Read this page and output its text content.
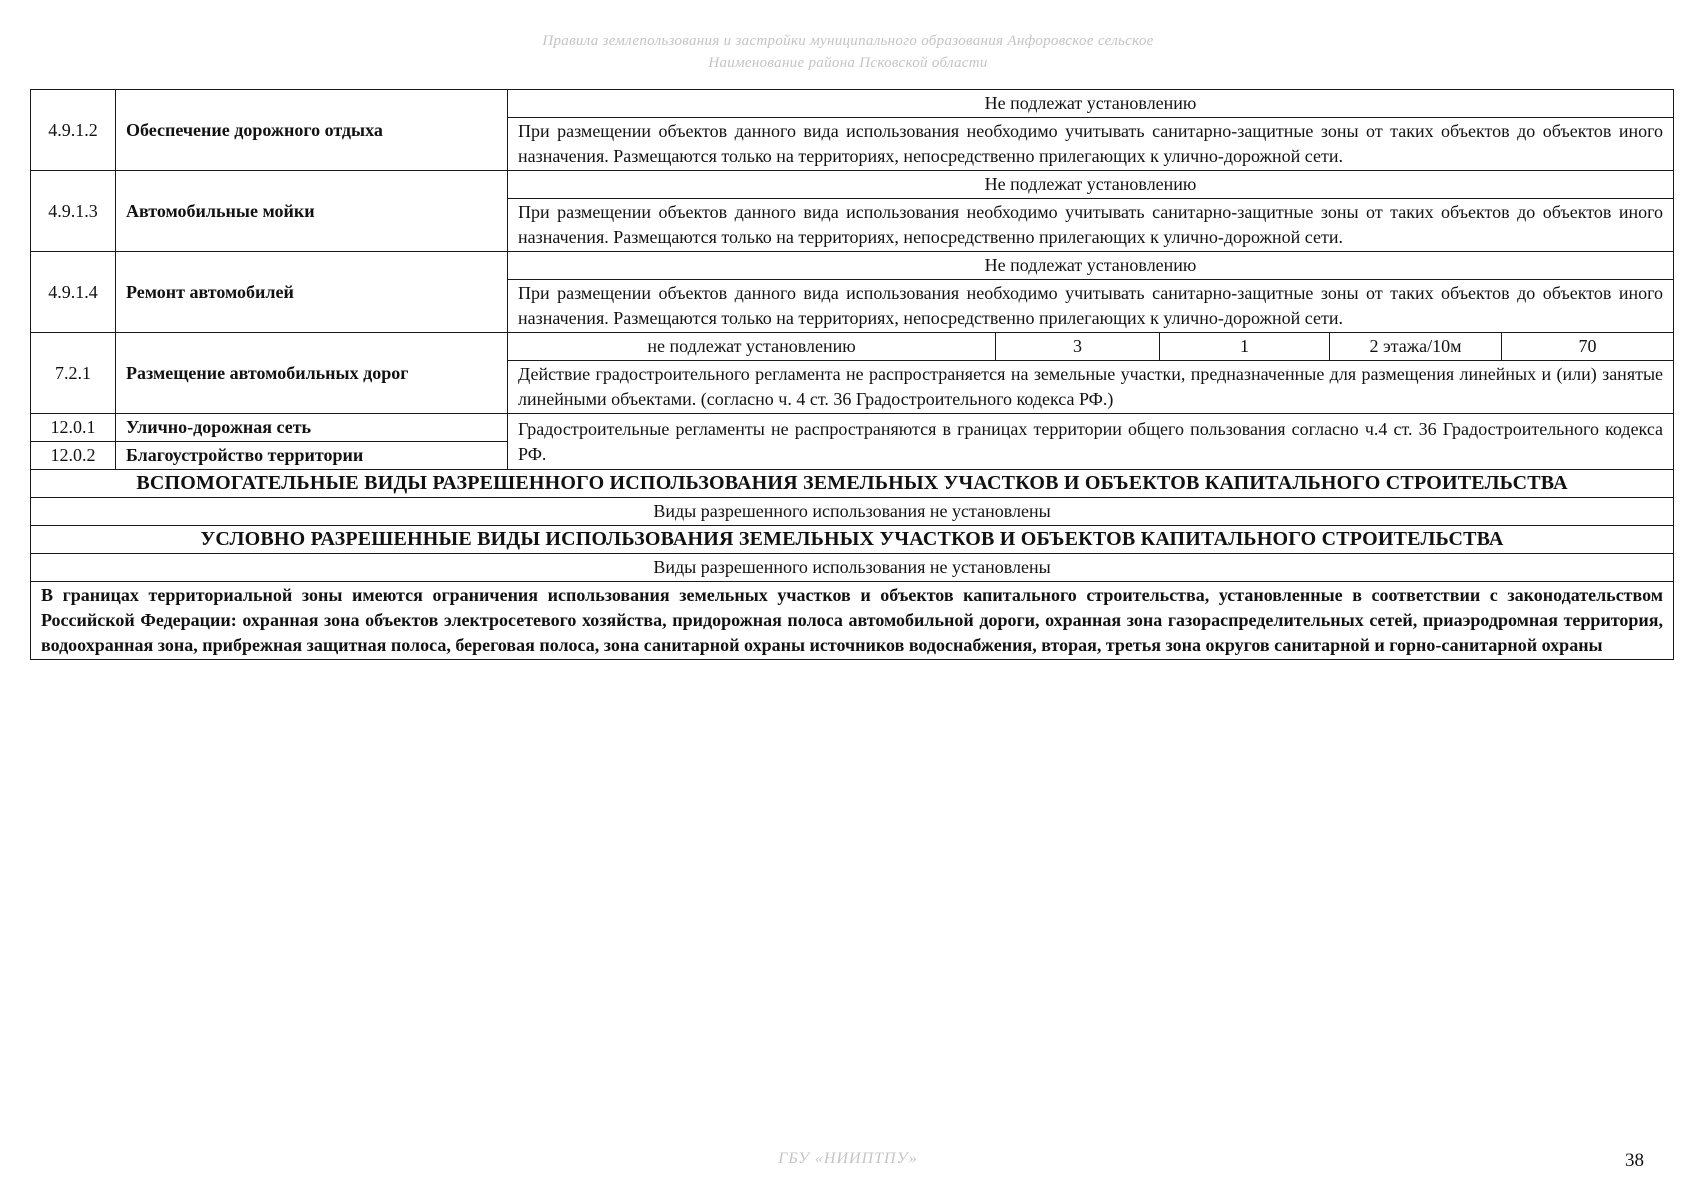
Правила землепользования и застройки муниципального образования Анфоровское сельское
Наименование района Псковской области
4.9.1.2	Обеспечение дорожного отдыха	Не подлежат установлению				
		При размещении объектов данного вида использования необходимо учитывать санитарно-защитные зоны от таких объектов до объектов иного назначения. Размещаются только на территориях, непосредственно прилегающих к улично-дорожной сети.				
4.9.1.3	Автомобильные мойки	Не подлежат установлению				
		При размещении объектов данного вида использования необходимо учитывать санитарно-защитные зоны от таких объектов до объектов иного назначения. Размещаются только на территориях, непосредственно прилегающих к улично-дорожной сети.				
4.9.1.4	Ремонт автомобилей	Не подлежат установлению				
		При размещении объектов данного вида использования необходимо учитывать санитарно-защитные зоны от таких объектов до объектов иного назначения. Размещаются только на территориях, непосредственно прилегающих к улично-дорожной сети.				
7.2.1	Размещение автомобильных дорог	не подлежат установлению	3	1	2 этажа/10м	70
		Действие градостроительного регламента не распространяется на земельные участки, предназначенные для размещения линейных и (или) занятые линейными объектами. (согласно ч. 4 ст. 36 Градостроительного кодекса РФ.)				
12.0.1	Улично-дорожная сеть	Градостроительные регламенты не распространяются в границах территории общего пользования согласно ч.4 ст. 36 Градостроительного кодекса РФ.				
12.0.2	Благоустройство территории					
ВСПОМОГАТЕЛЬНЫЕ ВИДЫ РАЗРЕШЕННОГО ИСПОЛЬЗОВАНИЯ ЗЕМЕЛЬНЫХ УЧАСТКОВ И ОБЪЕКТОВ КАПИТАЛЬНОГО СТРОИТЕЛЬСТВА						
Виды разрешенного использования не установлены						
УСЛОВНО РАЗРЕШЕННЫЕ ВИДЫ ИСПОЛЬЗОВАНИЯ ЗЕМЕЛЬНЫХ УЧАСТКОВ И ОБЪЕКТОВ КАПИТАЛЬНОГО СТРОИТЕЛЬСТВА						
Виды разрешенного использования не установлены						
В границах территориальной зоны имеются ограничения использования земельных участков и объектов капитального строительства, установленные в соответствии с законодательством Российской Федерации: охранная зона объектов электросетевого хозяйства, придорожная полоса автомобильной дороги, охранная зона газораспределительных сетей, приаэродромная территория, водоохранная зона, прибрежная защитная полоса, береговая полоса, зона санитарной охраны источников водоснабжения, вторая, третья зона округов санитарной и горно-санитарной охраны						
ГБУ «НИИПТПУ»	38
